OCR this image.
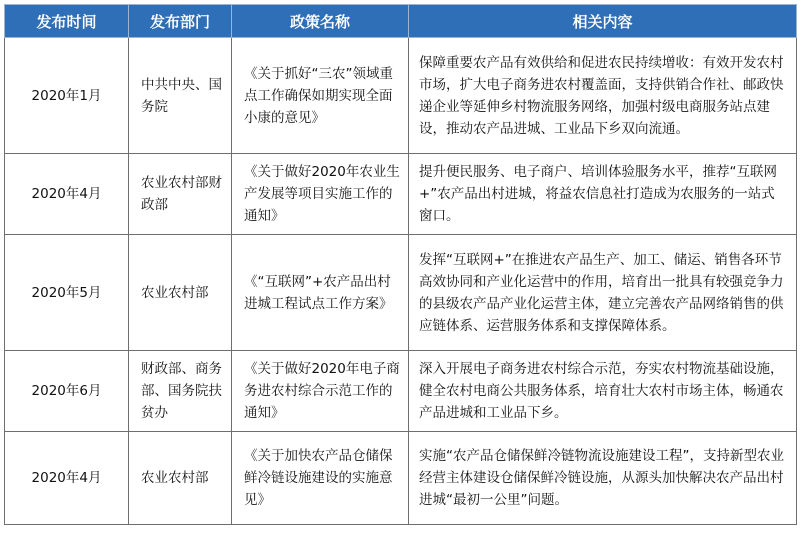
发布时间	发布部门	政策名称	相关内容
2020年1月	中共中央、国务院	《关于抓好“三农”领域重点工作确保如期实现全面小康的意见》	保障重要农产品有效供给和促进农民持续增收：有效开发农村市场，扩大电子商务进农村覆盖面，支持供销合作社、邮政快递企业等延伸乡村物流服务网络，加强村级电商服务站点建设，推动农产品进城、工业品下乡双向流通。
2020年4月	农业农村部财政部	《关于做好2020年农业生产发展等项目实施工作的通知》	提升便民服务、电子商户、培训体验服务水平，推荐“互联网+”农产品出村进城，将益农信息社打造成为农服务的一站式窗口。
2020年5月	农业农村部	《“互联网”+农产品出村进城工程试点工作方案》	发挥“互联网+”在推进农产品生产、加工、储运、销售各环节高效协同和产业化运营中的作用，培育出一批具有较强竞争力的县级农产品产业化运营主体，建立完善农产品网络销售的供应链体系、运营服务体系和支撑保障体系。
2020年6月	财政部、商务部、国务院扶贫办	《关于做好2020年电子商务进农村综合示范工作的通知》	深入开展电子商务进农村综合示范，夯实农村物流基础设施，健全农村电商公共服务体系，培育壮大农村市场主体，畅通农产品进城和工业品下乡。
2020年4月	农业农村部	《关于加快农产品仓储保鲜冷链设施建设的实施意见》	实施“农产品仓储保鲜冷链物流设施建设工程”，支持新型农业经营主体建设仓储保鲜冷链设施，从源头加快解决农产品出村进城“最初一公里”问题。
